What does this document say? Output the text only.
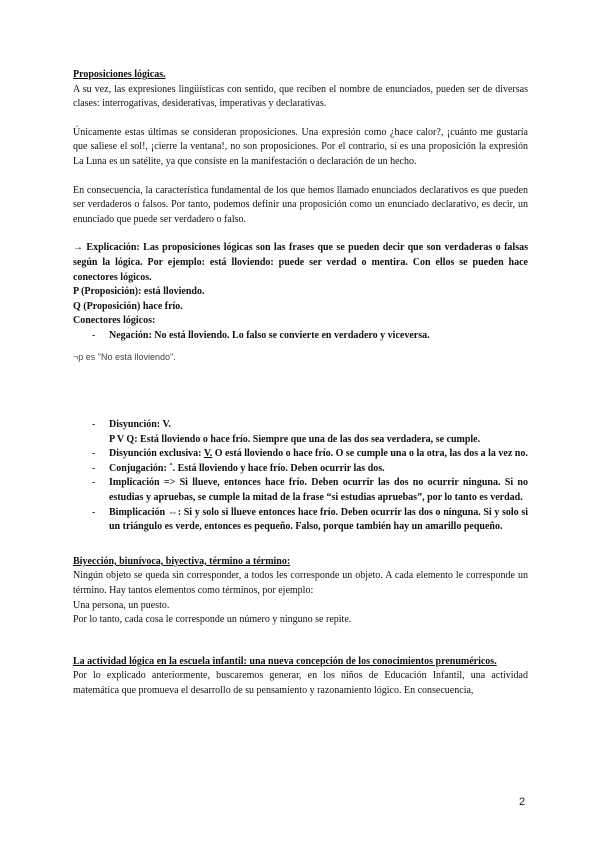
Proposiciones lógicas.

A su vez, las expresiones lingüísticas con sentido, que reciben el nombre de enunciados, pueden ser de diversas clases: interrogativas, desiderativas, imperativas y declarativas.

Únicamente estas últimas se consideran proposiciones. Una expresión como ¿hace calor?, ¡cuánto me gustaría que saliese el sol!, ¡cierre la ventana!, no son proposiciones. Por el contrario, sí es una proposición la expresión La Luna es un satélite, ya que consiste en la manifestación o declaración de un hecho.

En consecuencia, la característica fundamental de los que hemos llamado enunciados declarativos es que pueden ser verdaderos o falsos. Por tanto, podemos definir una proposición como un enunciado declarativo, es decir, un enunciado que puede ser verdadero o falso.

→ Explicación: Las proposiciones lógicas son las frases que se pueden decir que son verdaderas o falsas según la lógica. Por ejemplo: está lloviendo: puede ser verdad o mentira. Con ellos se pueden hace conectores lógicos.

P (Proposición): está lloviendo.

Q (Proposición) hace frío.

Conectores lógicos:

- Negación: No está lloviendo. Lo falso se convierte en verdadero y viceversa.

¬p es "No está lloviendo".

- Disyunción: V.
P V Q: Está lloviendo o hace frío. Siempre que una de las dos sea verdadera, se cumple.
- Disyunción exclusiva: V. O está lloviendo o hace frío. O se cumple una o la otra, las dos a la vez no.
- Conjugación: ˆ. Está lloviendo y hace frío. Deben ocurrir las dos.
- Implicación => Si llueve, entonces hace frío. Deben ocurrir las dos no ocurrir ninguna. Si no estudias y apruebas, se cumple la mitad de la frase “si estudias apruebas”, por lo tanto es verdad.
- Bimplicación ⇔: Si y solo si llueve entonces hace frío. Deben ocurrir las dos o ninguna. Si y solo si un triángulo es verde, entonces es pequeño. Falso, porque también hay un amarillo pequeño.

Biyección, biunívoca, biyectiva, término a término:

Ningún objeto se queda sin corresponder, a todos les corresponde un objeto. A cada elemento le corresponde un término. Hay tantos elementos como términos, por ejemplo:

Una persona, un puesto.

Por lo tanto, cada cosa le corresponde un número y ninguno se repite.

La actividad lógica en la escuela infantil: una nueva concepción de los conocimientos prenuméricos.

Por lo explicado anteriormente, buscaremos generar, en los niños de Educación Infantil, una actividad matemática que promueva el desarrollo de su pensamiento y razonamiento lógico. En consecuencia,

2
